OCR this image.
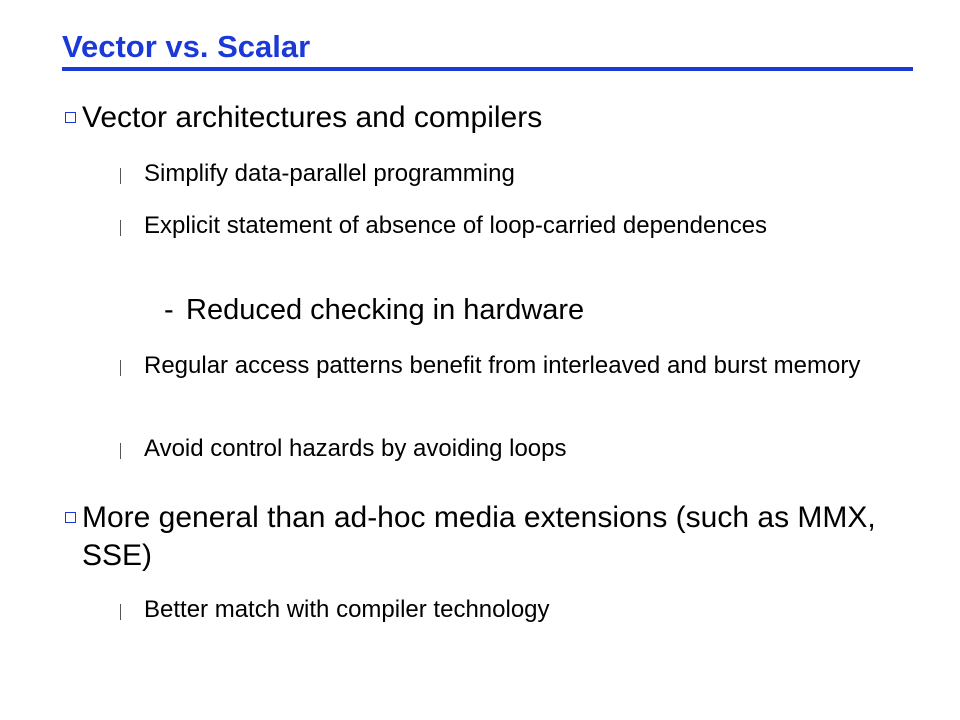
Vector vs. Scalar
Vector architectures and compilers
Simplify data-parallel programming
Explicit statement of absence of loop-carried dependences
- Reduced checking in hardware
Regular access patterns benefit from interleaved and burst memory
Avoid control hazards by avoiding loops
More general than ad-hoc media extensions (such as MMX, SSE)
Better match with compiler technology
